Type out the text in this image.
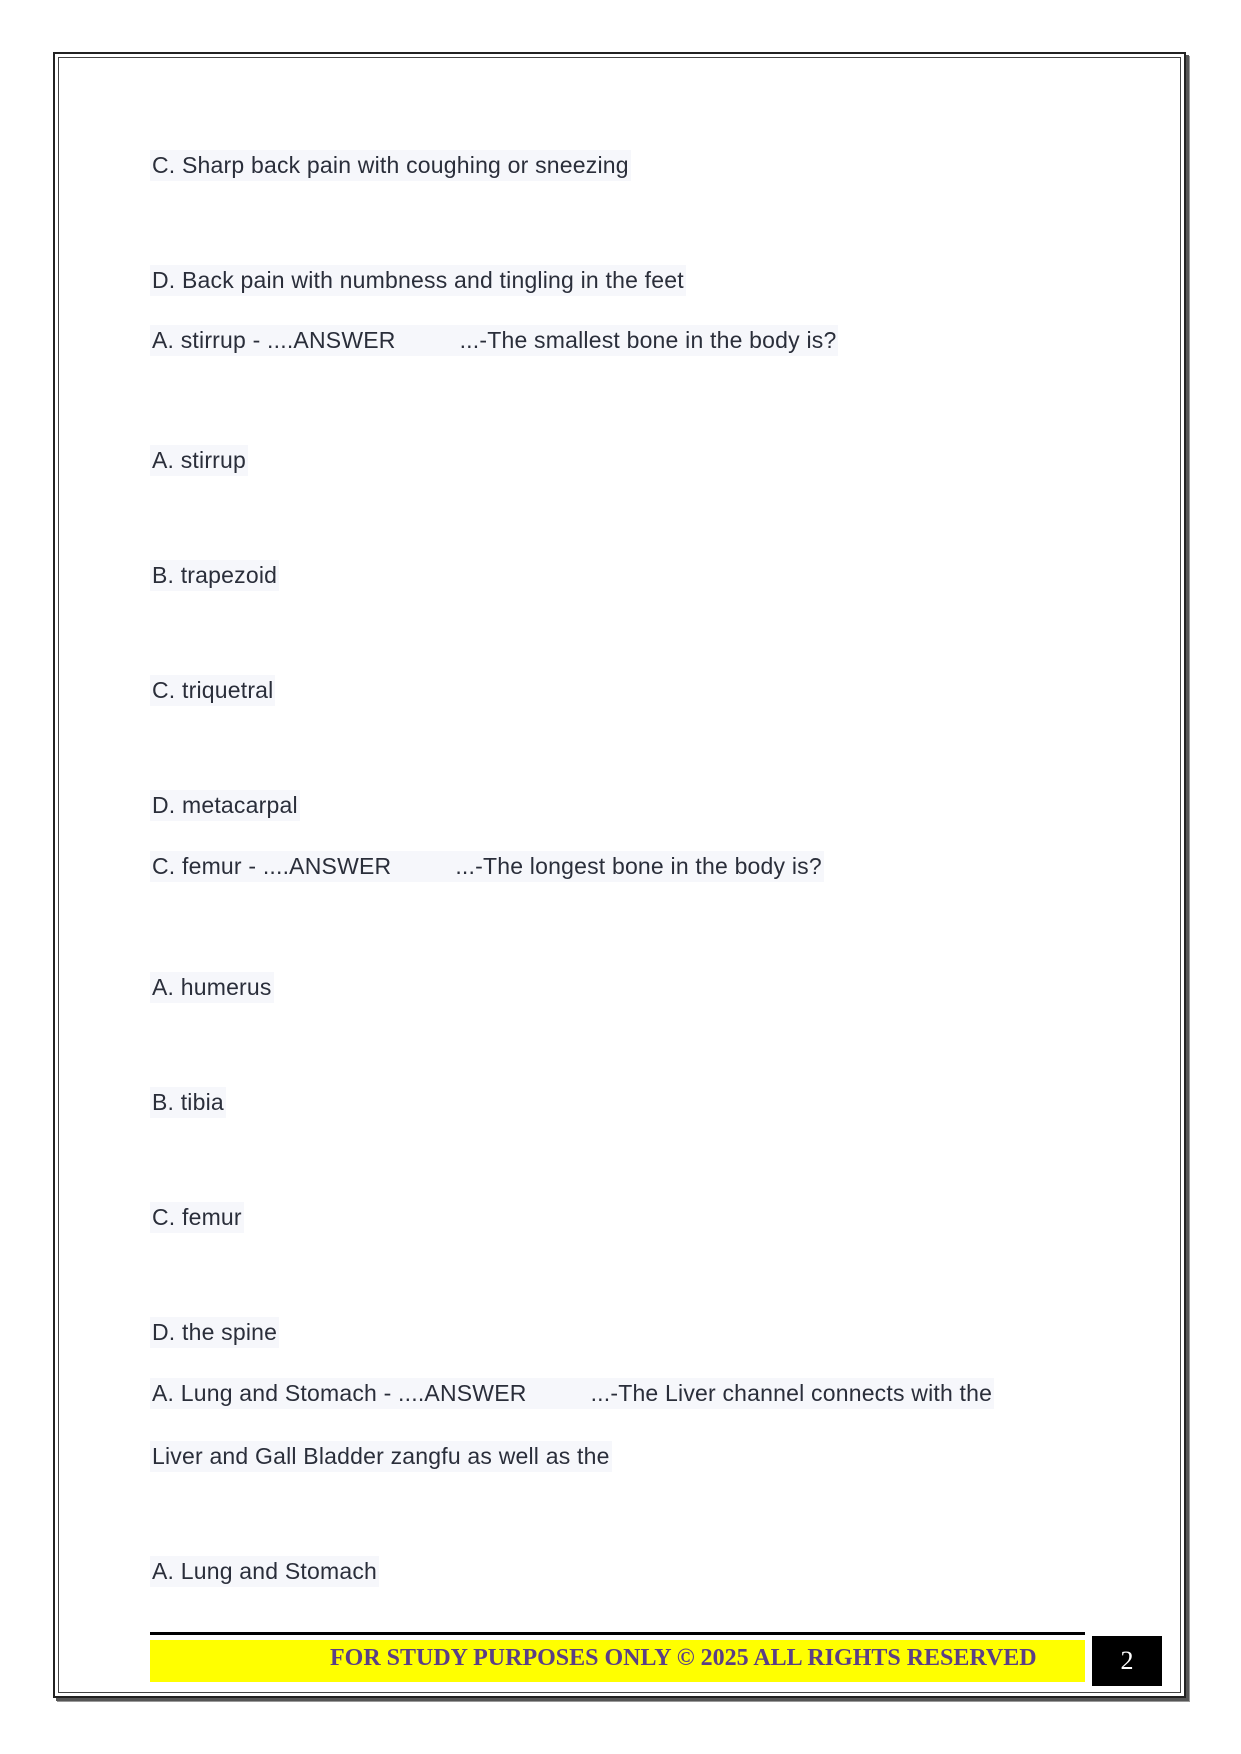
C. Sharp back pain with coughing or sneezing
D. Back pain with numbness and tingling in the feet
A. stirrup - ....ANSWER	...-The smallest bone in the body is?
A. stirrup
B. trapezoid
C. triquetral
D. metacarpal
C. femur - ....ANSWER	...-The longest bone in the body is?
A. humerus
B. tibia
C. femur
D. the spine
A. Lung and Stomach - ....ANSWER	...-The Liver channel connects with the
Liver and Gall Bladder zangfu as well as the
A. Lung and Stomach
FOR STUDY PURPOSES ONLY © 2025 ALL RIGHTS RESERVED	2
